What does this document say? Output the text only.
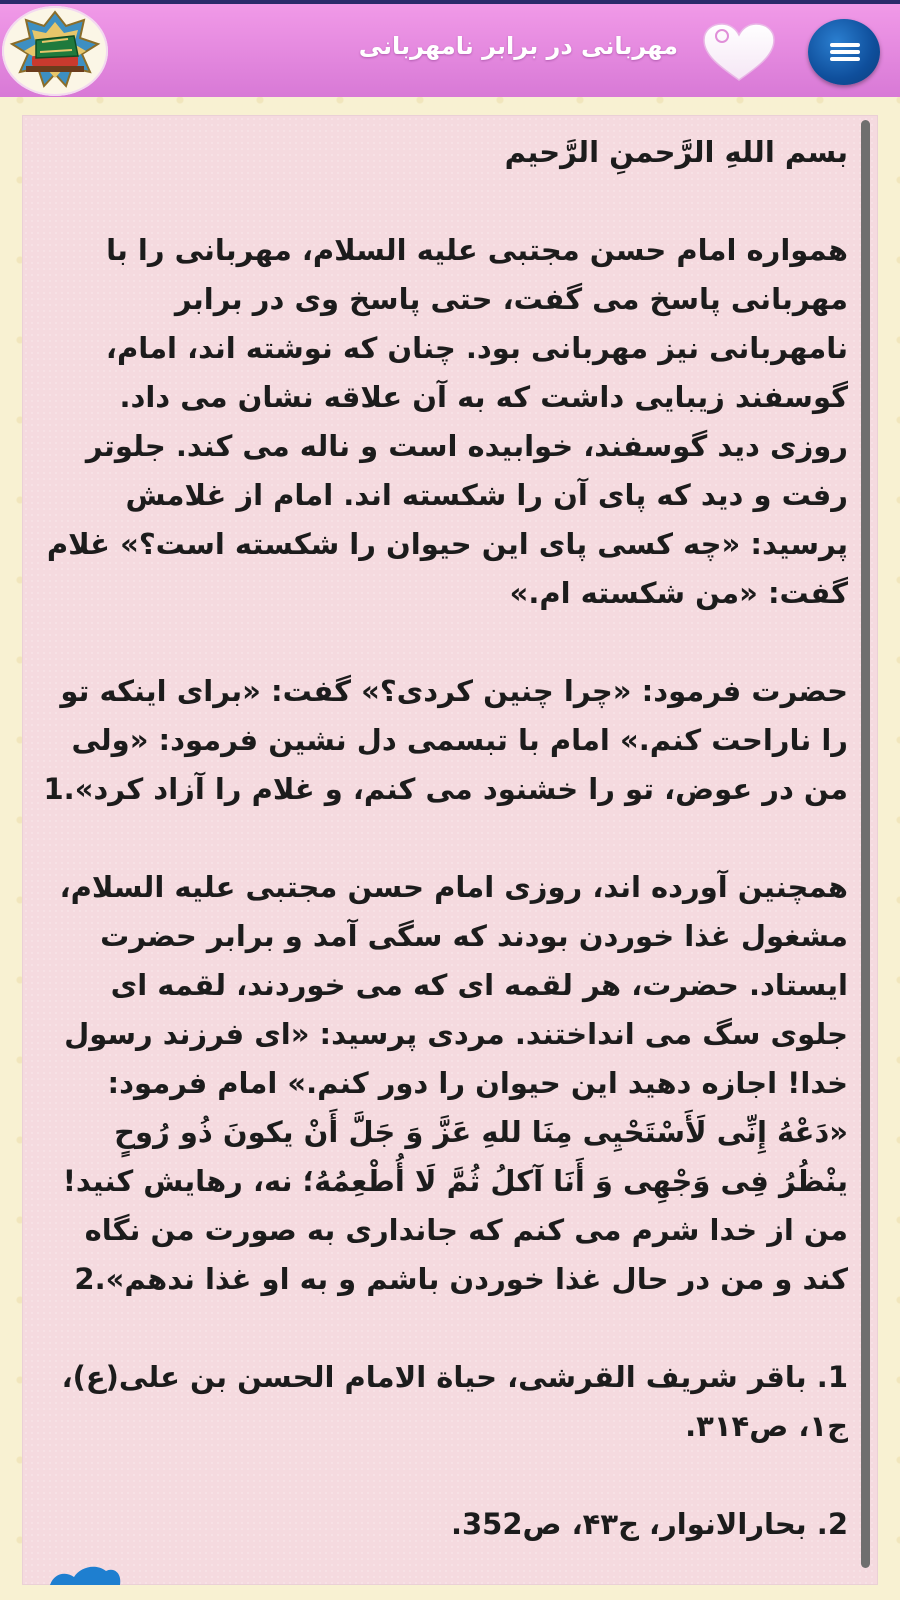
مهربانی در برابر نامهربانی

بسم اللهِ الرَّحمنِ الرَّحیم

همواره امام حسن مجتبی علیه السلام، مهربانی را با مهربانی پاسخ می گفت، حتی پاسخ وی در برابر نامهربانی نیز مهربانی بود. چنان که نوشته اند، امام، گوسفند زیبایی داشت که به آن علاقه نشان می داد. روزی دید گوسفند، خوابیده است و ناله می کند. جلوتر رفت و دید که پای آن را شکسته اند. امام از غلامش پرسید: «چه کسی پای این حیوان را شکسته است؟» غلام گفت: «من شکسته ام.»

حضرت فرمود: «چرا چنین کردی؟» گفت: «برای اینکه تو را ناراحت کنم.» امام با تبسمی دل نشین فرمود: «ولی من در عوض، تو را خشنود می کنم، و غلام را آزاد کرد».1

همچنین آورده اند، روزی امام حسن مجتبی علیه السلام، مشغول غذا خوردن بودند که سگی آمد و برابر حضرت ایستاد. حضرت، هر لقمه ای که می خوردند، لقمه ای جلوی سگ می انداختند. مردی پرسید: «ای فرزند رسول خدا! اجازه دهید این حیوان را دور کنم.» امام فرمود: «دَعْهُ إِنِّی لَأَسْتَحْیِی مِنَا للهِ عَزَّ وَ جَلَّ أَنْ یکونَ ذُو رُوحٍ ینْظُرُ فِی وَجْهِی وَ أَنَا آکلُ ثُمَّ لَا أُطْعِمُهُ؛ نه، رهایش کنید! من از خدا شرم می کنم که جانداری به صورت من نگاه کند و من در حال غذا خوردن باشم و به او غذا ندهم».2

1. باقر شریف القرشی، حیاة الامام الحسن بن علی(ع)، ج۱، ص۳۱۴.

2. بحارالانوار، ج۴۳، ص352.
